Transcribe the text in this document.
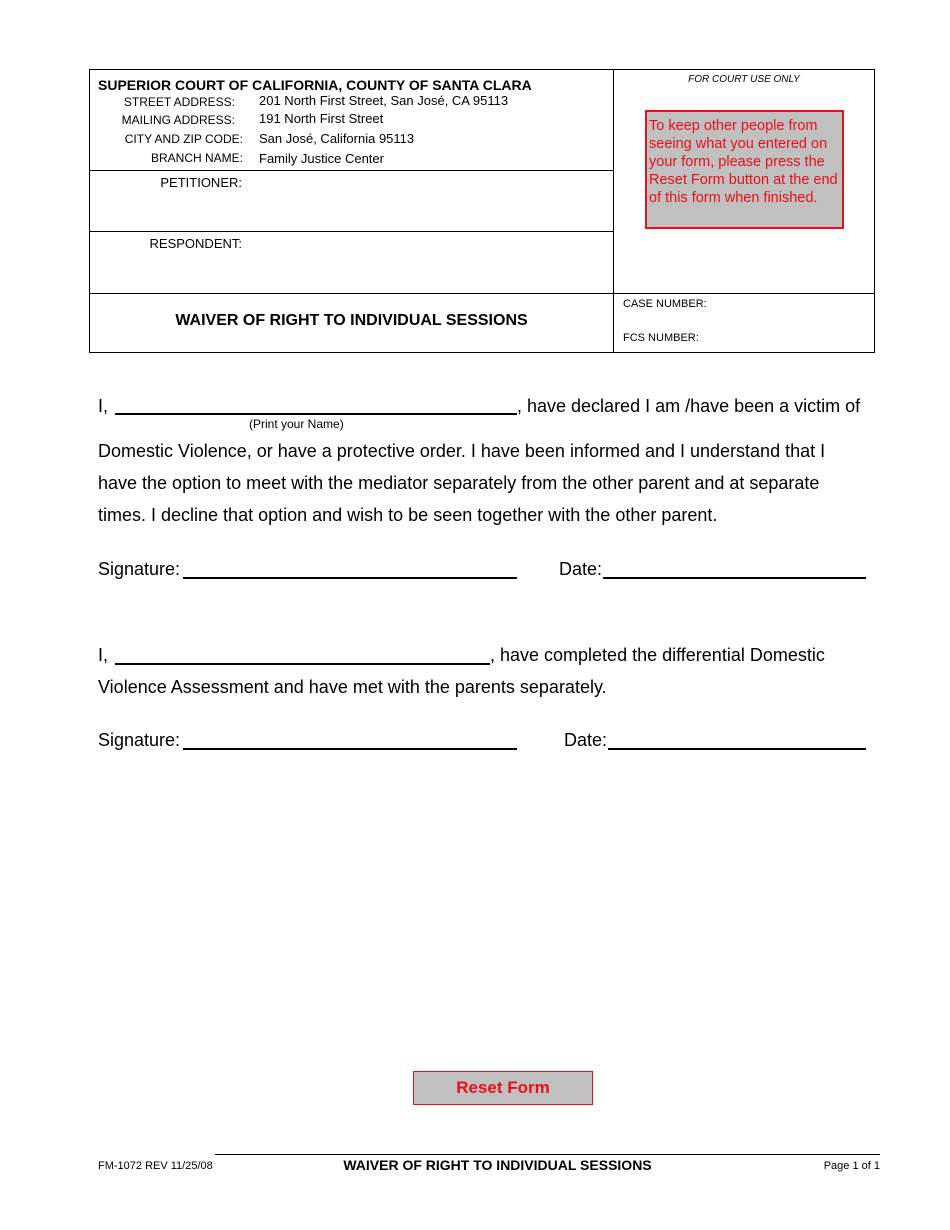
SUPERIOR COURT OF CALIFORNIA, COUNTY OF SANTA CLARA	FOR COURT USE ONLY
STREET ADDRESS: 201 North First Street, San José, CA 95113
MAILING ADDRESS: 191 North First Street
CITY AND ZIP CODE: San José, California 95113
BRANCH NAME: Family Justice Center
PETITIONER:
RESPONDENT:
To keep other people from seeing what you entered on your form, please press the Reset Form button at the end of this form when finished.
WAIVER OF RIGHT TO INDIVIDUAL SESSIONS
CASE NUMBER:
FCS NUMBER:
I,	, have declared I am /have been a victim of
(Print your Name)
Domestic Violence, or have a protective order. I have been informed and I understand that I
have the option to meet with the mediator separately from the other parent and at separate
times. I decline that option and wish to be seen together with the other parent.
Signature:	Date:
I,	, have completed the differential Domestic
Violence Assessment and have met with the parents separately.
Signature:	Date:
Reset Form
FM-1072 REV 11/25/08	WAIVER OF RIGHT TO INDIVIDUAL SESSIONS	Page 1 of 1
